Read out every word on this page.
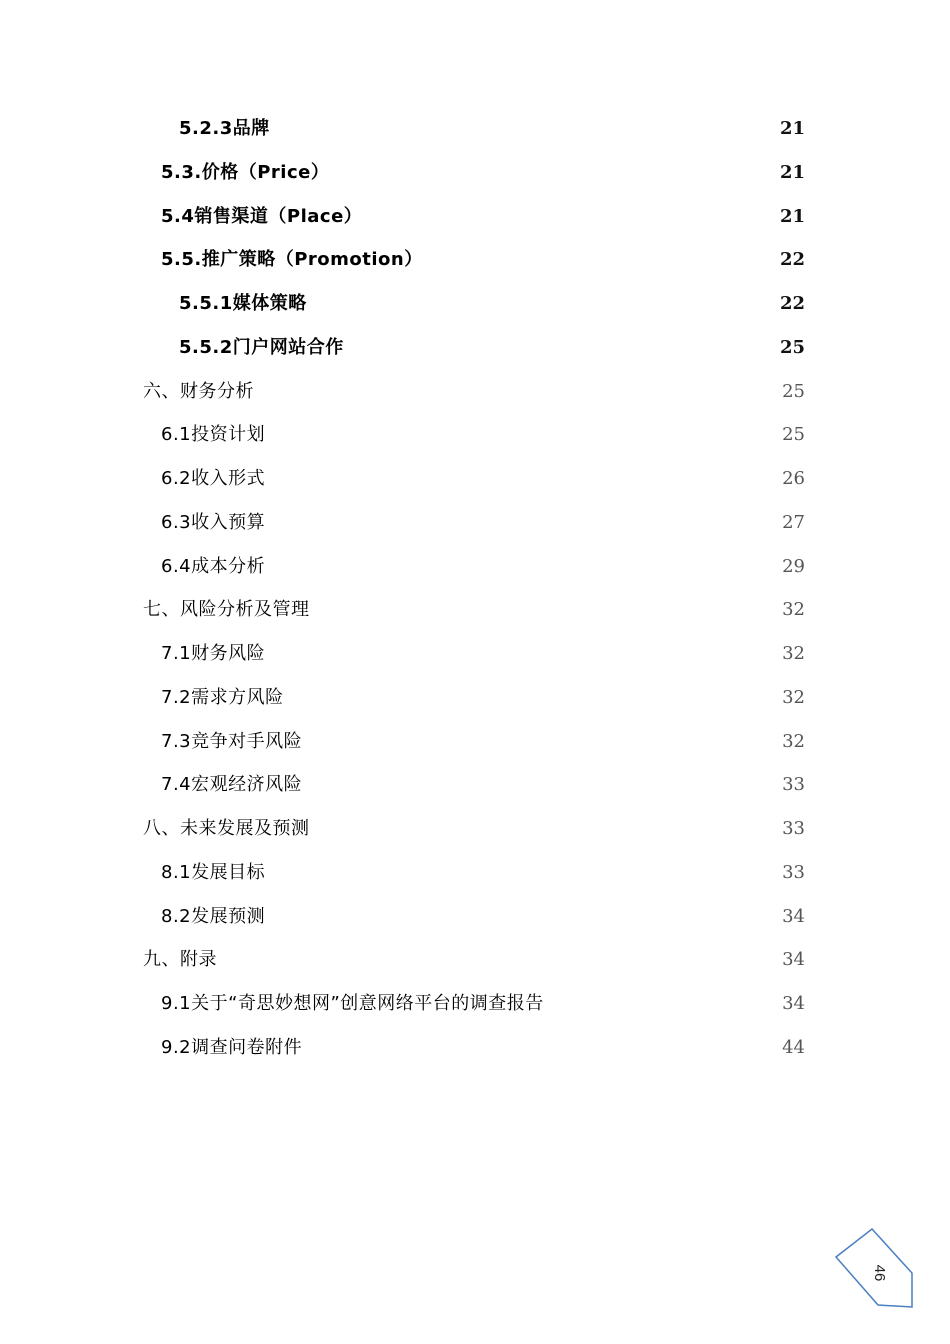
5.2.3品牌	21
5.3.价格（Price）	21
5.4销售渠道（Place）	21
5.5.推广策略（Promotion）	22
5.5.1媒体策略	22
5.5.2门户网站合作	25
六、财务分析	25
6.1投资计划	25
6.2收入形式	26
6.3收入预算	27
6.4成本分析	29
七、风险分析及管理	32
7.1财务风险	32
7.2需求方风险	32
7.3竞争对手风险	32
7.4宏观经济风险	33
八、未来发展及预测	33
8.1发展目标	33
8.2发展预测	34
九、附录	34
9.1关于“奇思妙想网”创意网络平台的调查报告	34
9.2调查问卷附件	44
46
